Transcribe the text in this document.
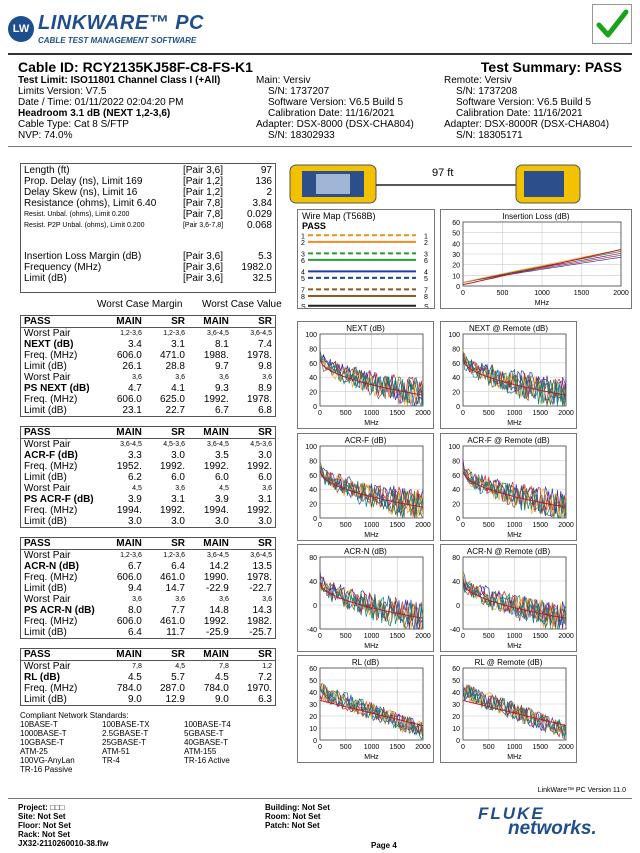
LW LINKWARE™ PC
CABLE TEST MANAGEMENT SOFTWARE
Cable ID: RCY2135KJ58F-C8-FS-K1	Test Summary: PASS
Test Limit: ISO11801 Channel Class I (+All)
Limits Version: V7.5
Date / Time: 01/11/2022 02:04:20 PM
Headroom 3.1 dB (NEXT 1,2-3,6)
Cable Type: Cat 8 S/FTP
NVP: 74.0%
Main: Versiv
S/N: 1737207
Software Version: V6.5 Build 5
Calibration Date: 11/16/2021
Adapter: DSX-8000 (DSX-CHA804)
S/N: 18302933
Remote: Versiv
S/N: 1737208
Software Version: V6.5 Build 5
Calibration Date: 11/16/2021
Adapter: DSX-8000R (DSX-CHA804)
S/N: 18305171
Length (ft)	[Pair 3,6]	97
Prop. Delay (ns), Limit 169	[Pair 1,2]	136
Delay Skew (ns), Limit 16	[Pair 1,2]	2
Resistance (ohms), Limit 6.40	[Pair 7,8]	3.84
Resist. Unbal. (ohms), Limit 0.200	[Pair 7,8]	0.029
Resist. P2P Unbal. (ohms), Limit 0.200	[Pair 3,6-7,8]	0.068

Insertion Loss Margin (dB)	[Pair 3,6]	5.3
Frequency (MHz)	[Pair 3,6]	1982.0
Limit (dB)	[Pair 3,6]	32.5
97 ft
Wire Map (T568B)
PASS
1	1
2	2
3	3
6	6
4	4
5	5
7	7
8	8
S	S
Worst Case Margin Worst Case Value
PASS	MAIN	SR	MAIN	SR
Worst Pair	1,2-3,6	1,2-3,6	3,6-4,5	3,6-4,5
NEXT (dB)	3.4	3.1	8.1	7.4
Freq. (MHz)	606.0	471.0	1988.	1978.
Limit (dB)	26.1	28.8	9.7	9.8
Worst Pair	3,6	3,6	3,6	3,6
PS NEXT (dB)	4.7	4.1	9.3	8.9
Freq. (MHz)	606.0	625.0	1992.	1978.
Limit (dB)	23.1	22.7	6.7	6.8
PASS	MAIN	SR	MAIN	SR
Worst Pair	3,6-4,5	4,5-3,6	3,6-4,5	4,5-3,6
ACR-F (dB)	3.3	3.0	3.5	3.0
Freq. (MHz)	1952.	1992.	1992.	1992.
Limit (dB)	6.2	6.0	6.0	6.0
Worst Pair	4,5	3,6	4,5	3,6
PS ACR-F (dB)	3.9	3.1	3.9	3.1
Freq. (MHz)	1994.	1992.	1994.	1992.
Limit (dB)	3.0	3.0	3.0	3.0
PASS	MAIN	SR	MAIN	SR
Worst Pair	1,2-3,6	1,2-3,6	3,6-4,5	3,6-4,5
ACR-N (dB)	6.7	6.4	14.2	13.5
Freq. (MHz)	606.0	461.0	1990.	1978.
Limit (dB)	9.4	14.7	-22.9	-22.7
Worst Pair	3,6	3,6	3,6	3,6
PS ACR-N (dB)	8.0	7.7	14.8	14.3
Freq. (MHz)	606.0	461.0	1992.	1982.
Limit (dB)	6.4	11.7	-25.9	-25.7
PASS	MAIN	SR	MAIN	SR
Worst Pair	7,8	4,5	7,8	1,2
RL (dB)	4.5	5.7	4.5	7.2
Freq. (MHz)	784.0	287.0	784.0	1970.
Limit (dB)	9.0	12.9	9.0	6.3
Compliant Network Standards:
10BASE-T	100BASE-TX	100BASE-T4
1000BASE-T	2.5GBASE-T	5GBASE-T
10GBASE-T	25GBASE-T	40GBASE-T
ATM-25	ATM-51	ATM-155
100VG-AnyLan	TR-4	TR-16 Active
TR-16 Passive
Insertion Loss (dB)
60
50
40
30
20
10
0
0	500	1000	1500	2000
MHz
NEXT (dB)
100
80
60
40
20
0
0	500 1000 1500 2000
MHz
NEXT @ Remote (dB)
100
80
60
40
20
0
0	500 1000 1500 2000
MHz
ACR-F (dB)
100
80
60
40
20
0
0	500 1000 1500 2000
MHz
ACR-F @ Remote (dB)
100
80
60
40
20
0
0	500 1000 1500 2000
MHz
ACR-N (dB)
80
40
0
-40
0	500 1000 1500 2000
MHz
ACR-N @ Remote (dB)
80
40
0
-40
0	500 1000 1500 2000
MHz
RL (dB)
60
50
40
30
20
10
0
0	500 1000 1500 2000
MHz
RL @ Remote (dB)
60
50
40
30
20
10
0
0	500 1000 1500 2000
MHz
LinkWare™ PC Version 11.0
Project: □□□
Site: Not Set
Floor: Not Set
Rack: Not Set
JX32-2110260010-38.flw
Building: Not Set
Room: Not Set
Patch: Not Set
Page 4
FLUKE
networks.
